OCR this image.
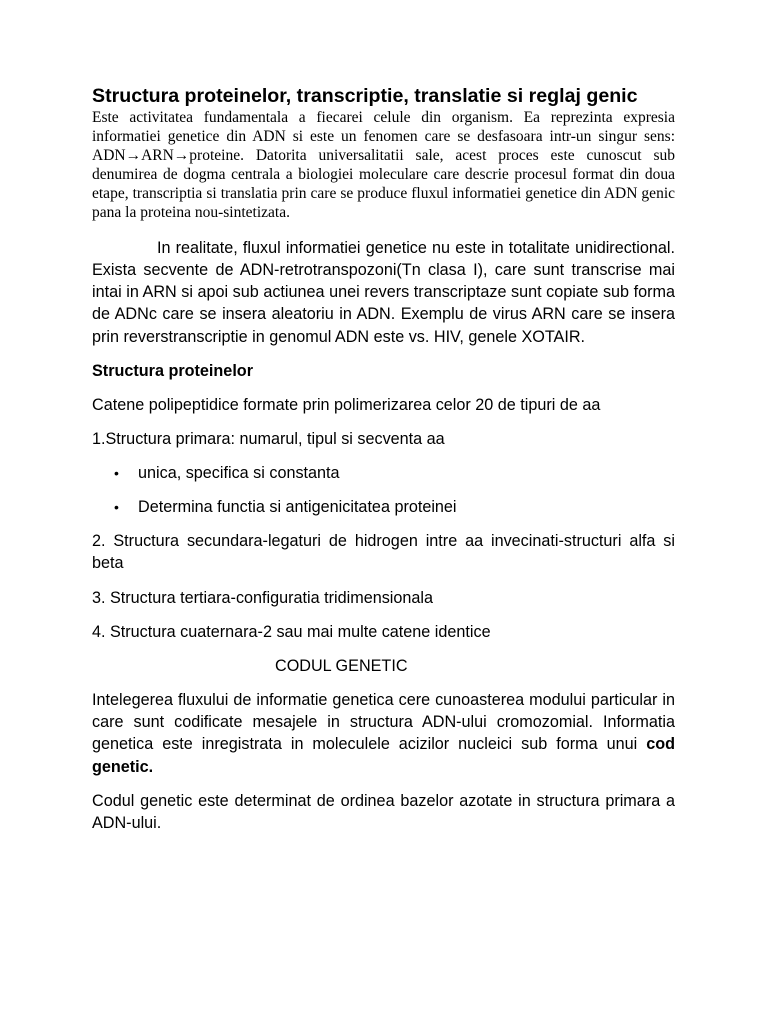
Structura proteinelor, transcriptie, translatie si reglaj genic

Este activitatea fundamentala a fiecarei celule din organism. Ea reprezinta expresia informatiei genetice din ADN si este un fenomen care se desfasoara intr-un singur sens: ADN→ARN→proteine. Datorita universalitatii sale, acest proces este cunoscut sub denumirea de dogma centrala a biologiei moleculare care descrie procesul format din doua etape, transcriptia si translatia prin care se produce fluxul informatiei genetice din ADN genic pana la proteina nou-sintetizata.

In realitate, fluxul informatiei genetice nu este in totalitate unidirectional. Exista secvente de ADN-retrotranspozoni(Tn clasa I), care sunt transcrise mai intai in ARN si apoi sub actiunea unei revers transcriptaze sunt copiate sub forma de ADNc care se insera aleatoriu in ADN. Exemplu de virus ARN care se insera prin reverstranscriptie in genomul ADN este vs. HIV, genele XOTAIR.

Structura proteinelor

Catene polipeptidice formate prin polimerizarea celor 20 de tipuri de aa

1.Structura primara: numarul, tipul si secventa aa

• unica, specifica si constanta
• Determina functia si antigenicitatea proteinei

2. Structura secundara-legaturi de hidrogen intre aa invecinati-structuri alfa si beta

3. Structura tertiara-configuratia tridimensionala

4. Structura cuaternara-2 sau mai multe catene identice

CODUL GENETIC

Intelegerea fluxului de informatie genetica cere cunoasterea modului particular in care sunt codificate mesajele in structura ADN-ului cromozomial. Informatia genetica este inregistrata in moleculele acizilor nucleici sub forma unui cod genetic.

Codul genetic este determinat de ordinea bazelor azotate in structura primara a ADN-ului.
